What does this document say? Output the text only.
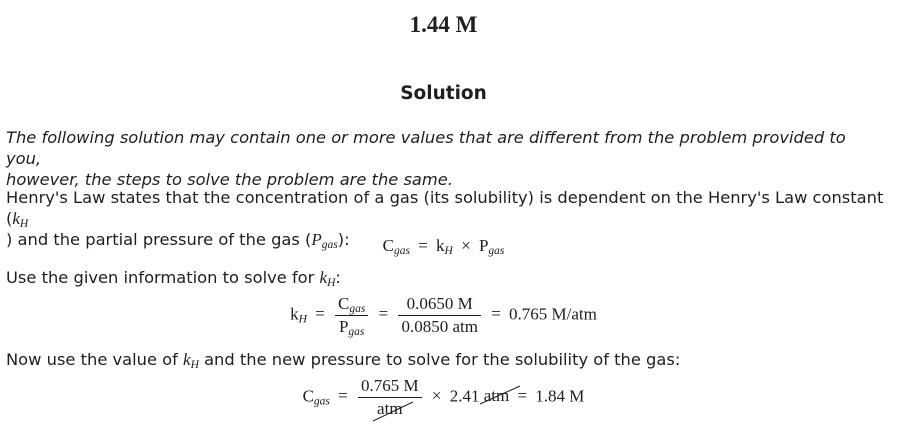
1.44 M
Solution
The following solution may contain one or more values that are different from the problem provided to you,
however, the steps to solve the problem are the same.
Henry's Law states that the concentration of a gas (its solubility) is dependent on the Henry's Law constant ($k_H$
) and the partial pressure of the gas $(P_{gas})$:	$C_{gas} = k_H \times P_{gas}$
Use the given information to solve for $k_H$:
$k_H = \frac{C_{gas}}{P_{gas}} = \frac{0.0650 M}{\text{0.0850 atm}} = 0.765$ M/atm
Now use the value of $k_H$ and the new pressure to solve for the solubility of the gas:
$C_{gas} = \frac{0.765 M}{\text{atm}} \times 2.41$ atm = 1.84 M
